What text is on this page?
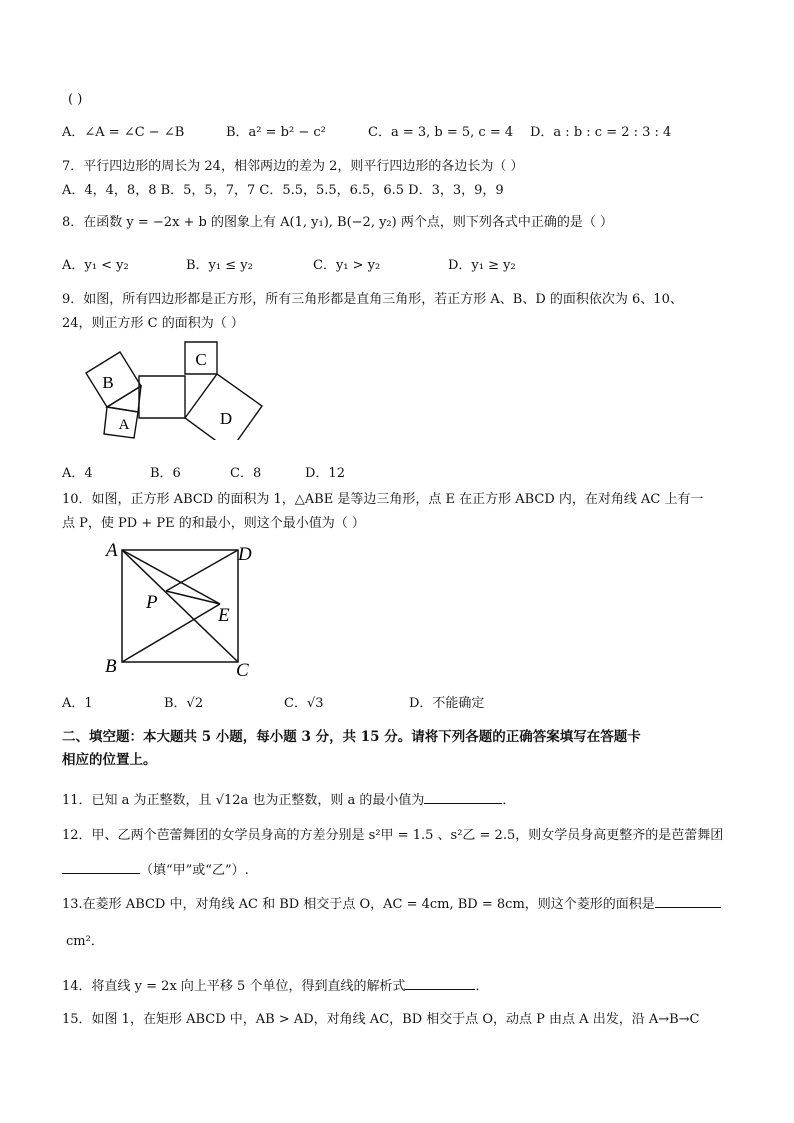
( )
A．∠A = ∠C − ∠B	B．a² = b² − c²	C．a = 3, b = 5, c = 4 D．a : b : c = 2 : 3 : 4
7．平行四边形的周长为 24，相邻两边的差为 2，则平行四边形的各边长为（ ）
A．4，4，8，8 B．5，5，7，7 C．5.5，5.5，6.5，6.5 D．3，3，9，9
8．在函数 y = −2x + b 的图象上有 A(1, y₁), B(−2, y₂) 两个点，则下列各式中正确的是（ ）
A．y₁ < y₂	B．y₁ ≤ y₂	C．y₁ > y₂	D．y₁ ≥ y₂
9．如图，所有四边形都是正方形，所有三角形都是直角三角形，若正方形 A、B、D 的面积依次为 6、10、
24，则正方形 C 的面积为（ ）
B
A
C
D
A．4	B．6	C．8	D．12
10．如图，正方形 ABCD 的面积为 1，△ABE 是等边三角形，点 E 在正方形 ABCD 内，在对角线 AC 上有一
点 P，使 PD + PE 的和最小，则这个最小值为（ ）
A	D
P
E
B	C
A．1	B．√2	C．√3	D．不能确定
二、填空题：本大题共 5 小题，每小题 3 分，共 15 分。请将下列各题的正确答案填写在答题卡
相应的位置上。
11．已知 a 为正整数，且 √12a 也为正整数，则 a 的最小值为	．
12．甲、乙两个芭蕾舞团的女学员身高的方差分别是 s²甲 = 1.5 、s²乙 = 2.5，则女学员身高更整齐的是芭蕾舞团
（填“甲”或“乙”）.
13.在菱形 ABCD 中，对角线 AC 和 BD 相交于点 O，AC = 4cm, BD = 8cm，则这个菱形的面积是
cm²．
14．将直线 y = 2x 向上平移 5 个单位，得到直线的解析式	．
15．如图 1，在矩形 ABCD 中，AB > AD，对角线 AC，BD 相交于点 O，动点 P 由点 A 出发，沿 A→B→C
